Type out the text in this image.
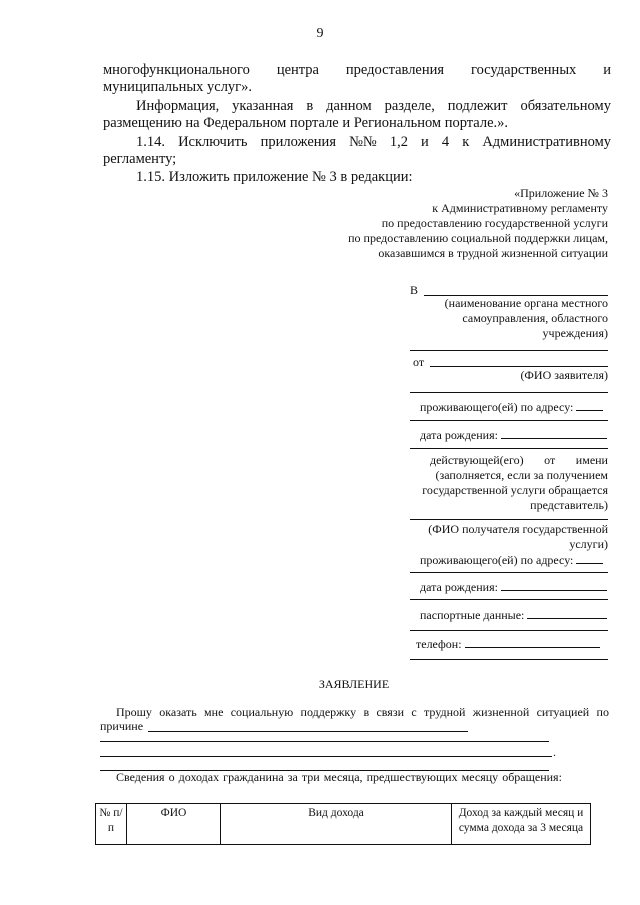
9
многофункционального центра предоставления государственных и
муниципальных услуг».
Информация, указанная в данном разделе, подлежит обязательному
размещению на Федеральном портале и Региональном портале.».
1.14. Исключить приложения №№ 1,2 и 4 к Административному
регламенту;
1.15. Изложить приложение № 3 в редакции:
«Приложение № 3
к Административному регламенту
по предоставлению государственной услуги
по предоставлению социальной поддержки лицам,
оказавшимся в трудной жизненной ситуации
В
(наименование органа местного
самоуправления, областного
учреждения)
от
(ФИО заявителя)
проживающего(ей) по адресу:
дата рождения:
действующей(его) от имени
(заполняется, если за получением
государственной услуги обращается
представитель)
(ФИО получателя государственной
услуги)
проживающего(ей) по адресу:
дата рождения:
паспортные данные:
телефон:
ЗАЯВЛЕНИЕ
Прошу оказать мне социальную поддержку в связи с трудной жизненной ситуацией по
причине
.
Сведения о доходах гражданина за три месяца, предшествующих месяцу обращения:
№ п/п	ФИО	Вид дохода	Доход за каждый месяц и сумма дохода за 3 месяца
